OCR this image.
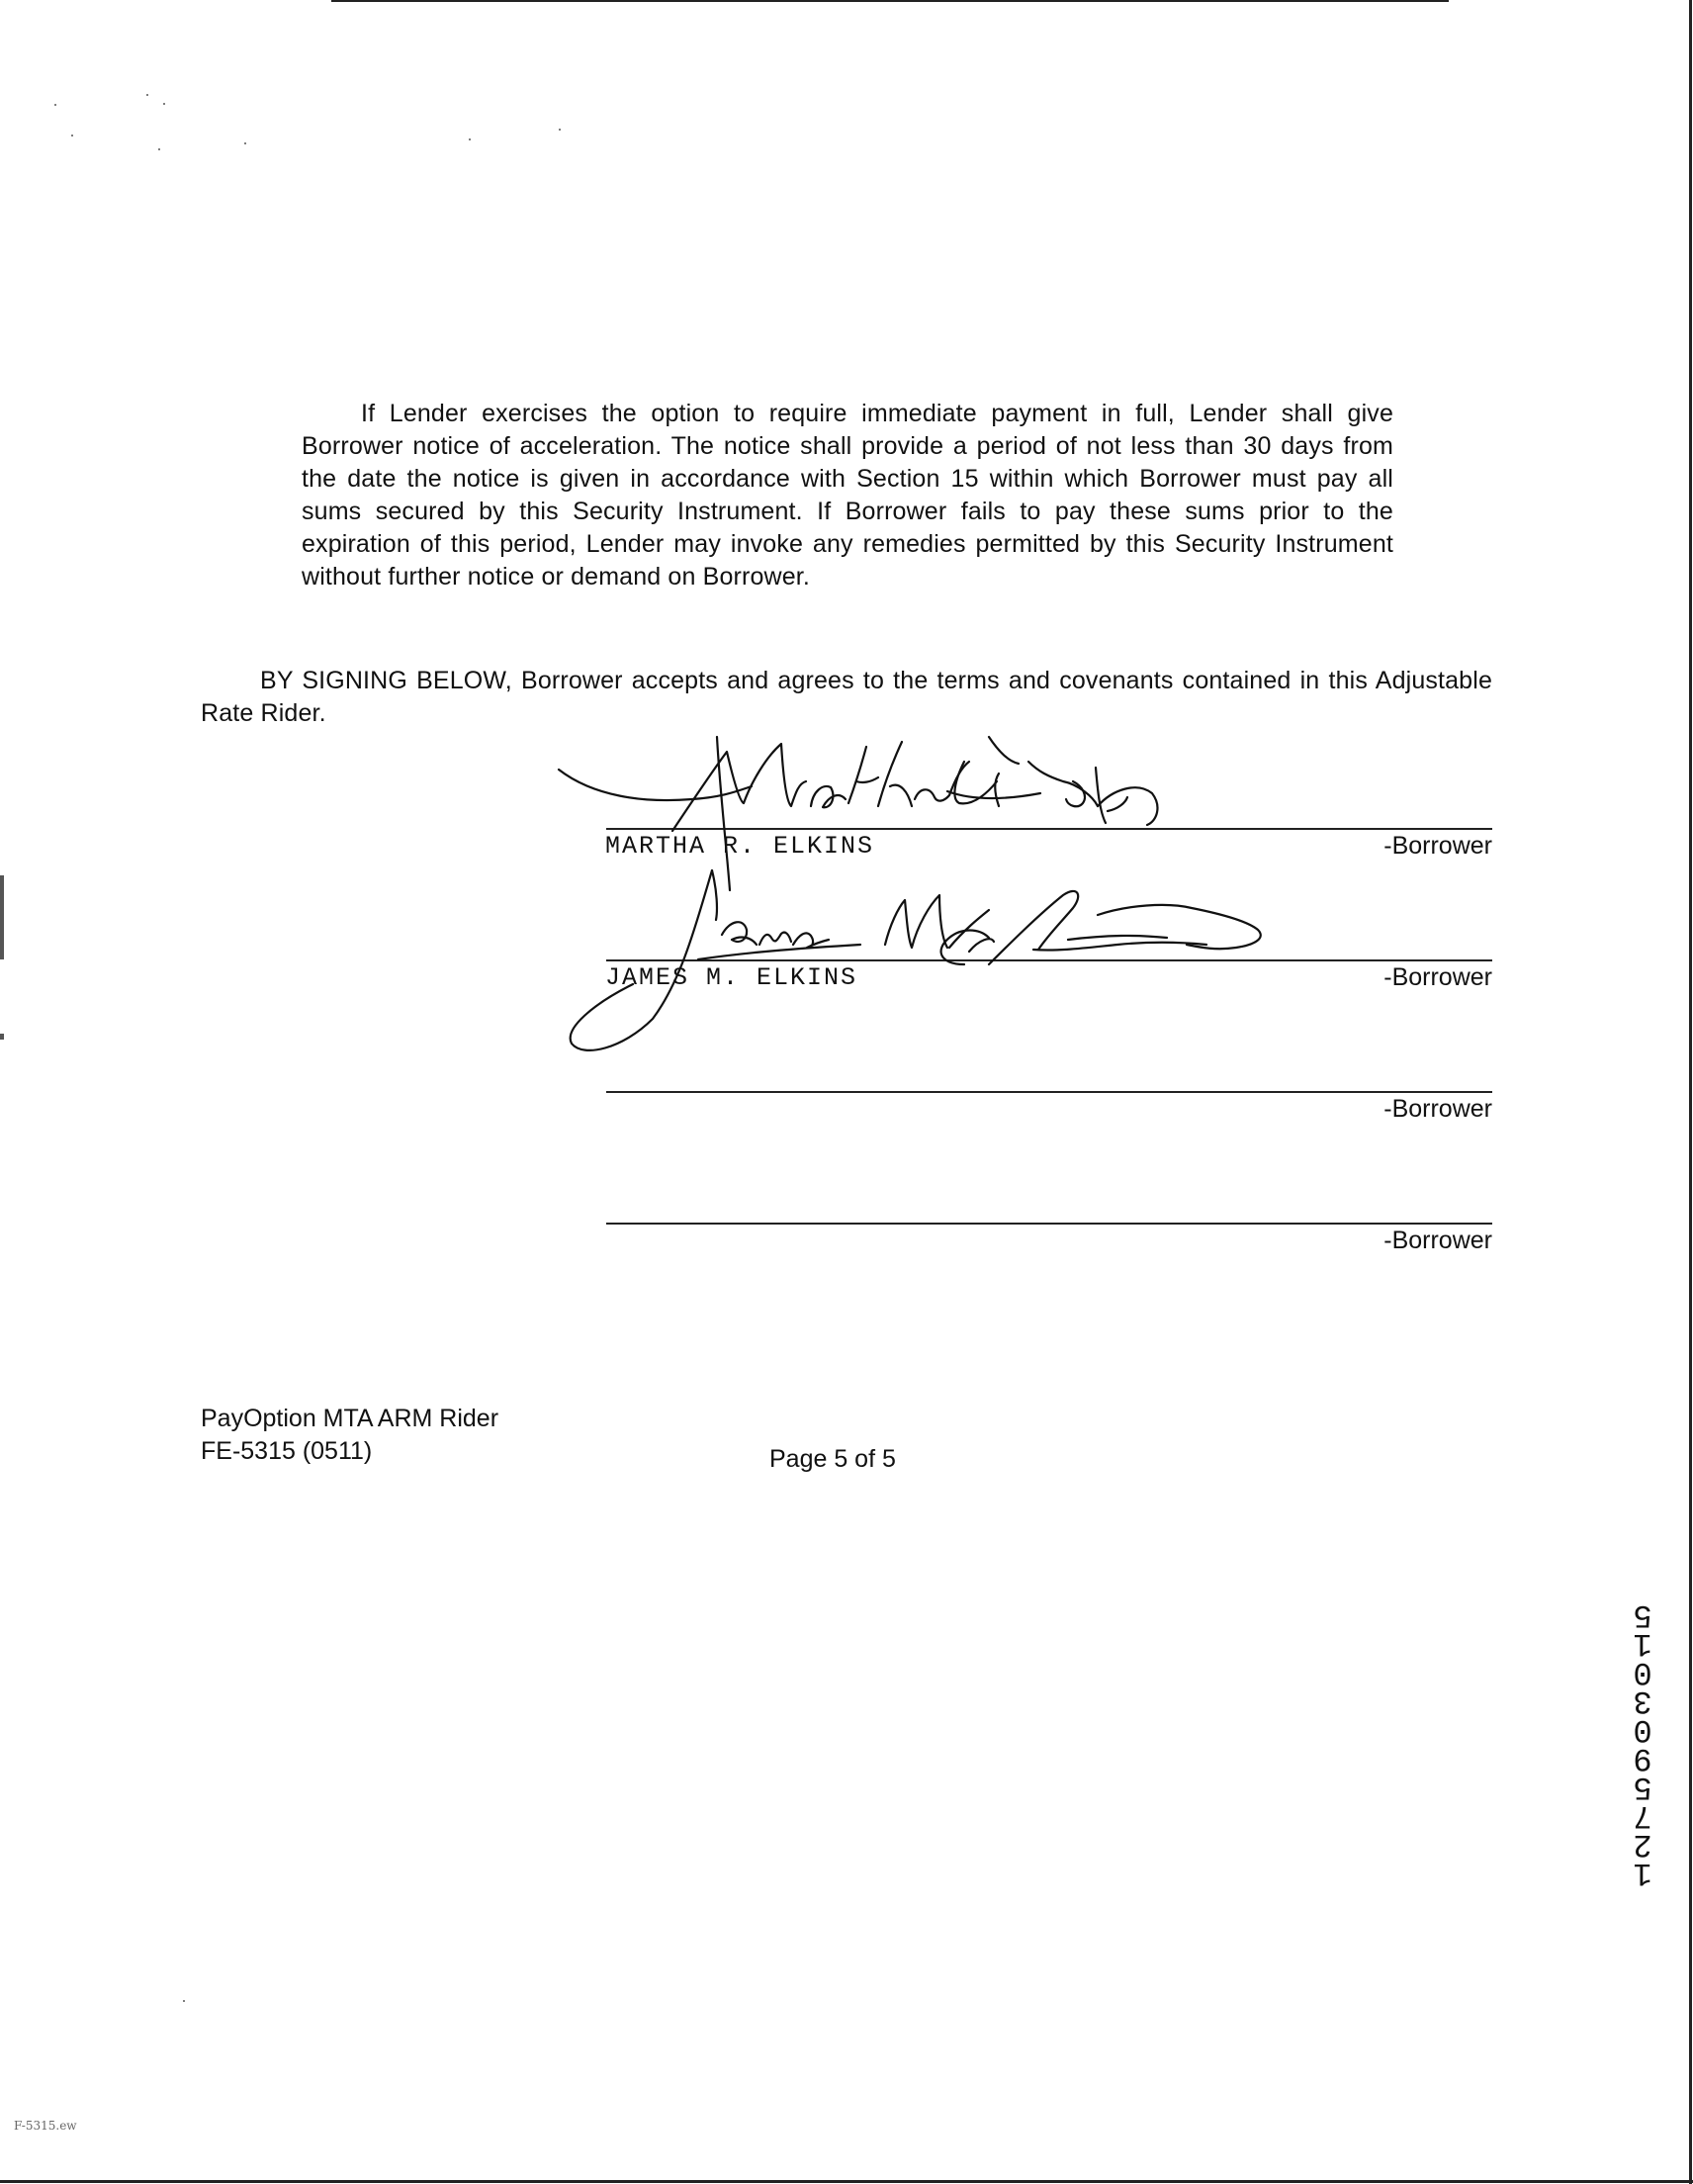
If Lender exercises the option to require immediate payment in full, Lender shall give Borrower notice of acceleration. The notice shall provide a period of not less than 30 days from the date the notice is given in accordance with Section 15 within which Borrower must pay all sums secured by this Security Instrument. If Borrower fails to pay these sums prior to the expiration of this period, Lender may invoke any remedies permitted by this Security Instrument without further notice or demand on Borrower.

BY SIGNING BELOW, Borrower accepts and agrees to the terms and covenants contained in this Adjustable Rate Rider.

MARTHA R. ELKINS	-Borrower
JAMES M. ELKINS	-Borrower
-Borrower
-Borrower
PayOption MTA ARM Rider
FE-5315 (0511)	Page 5 of 5
12759 03015
F-5315.ew
